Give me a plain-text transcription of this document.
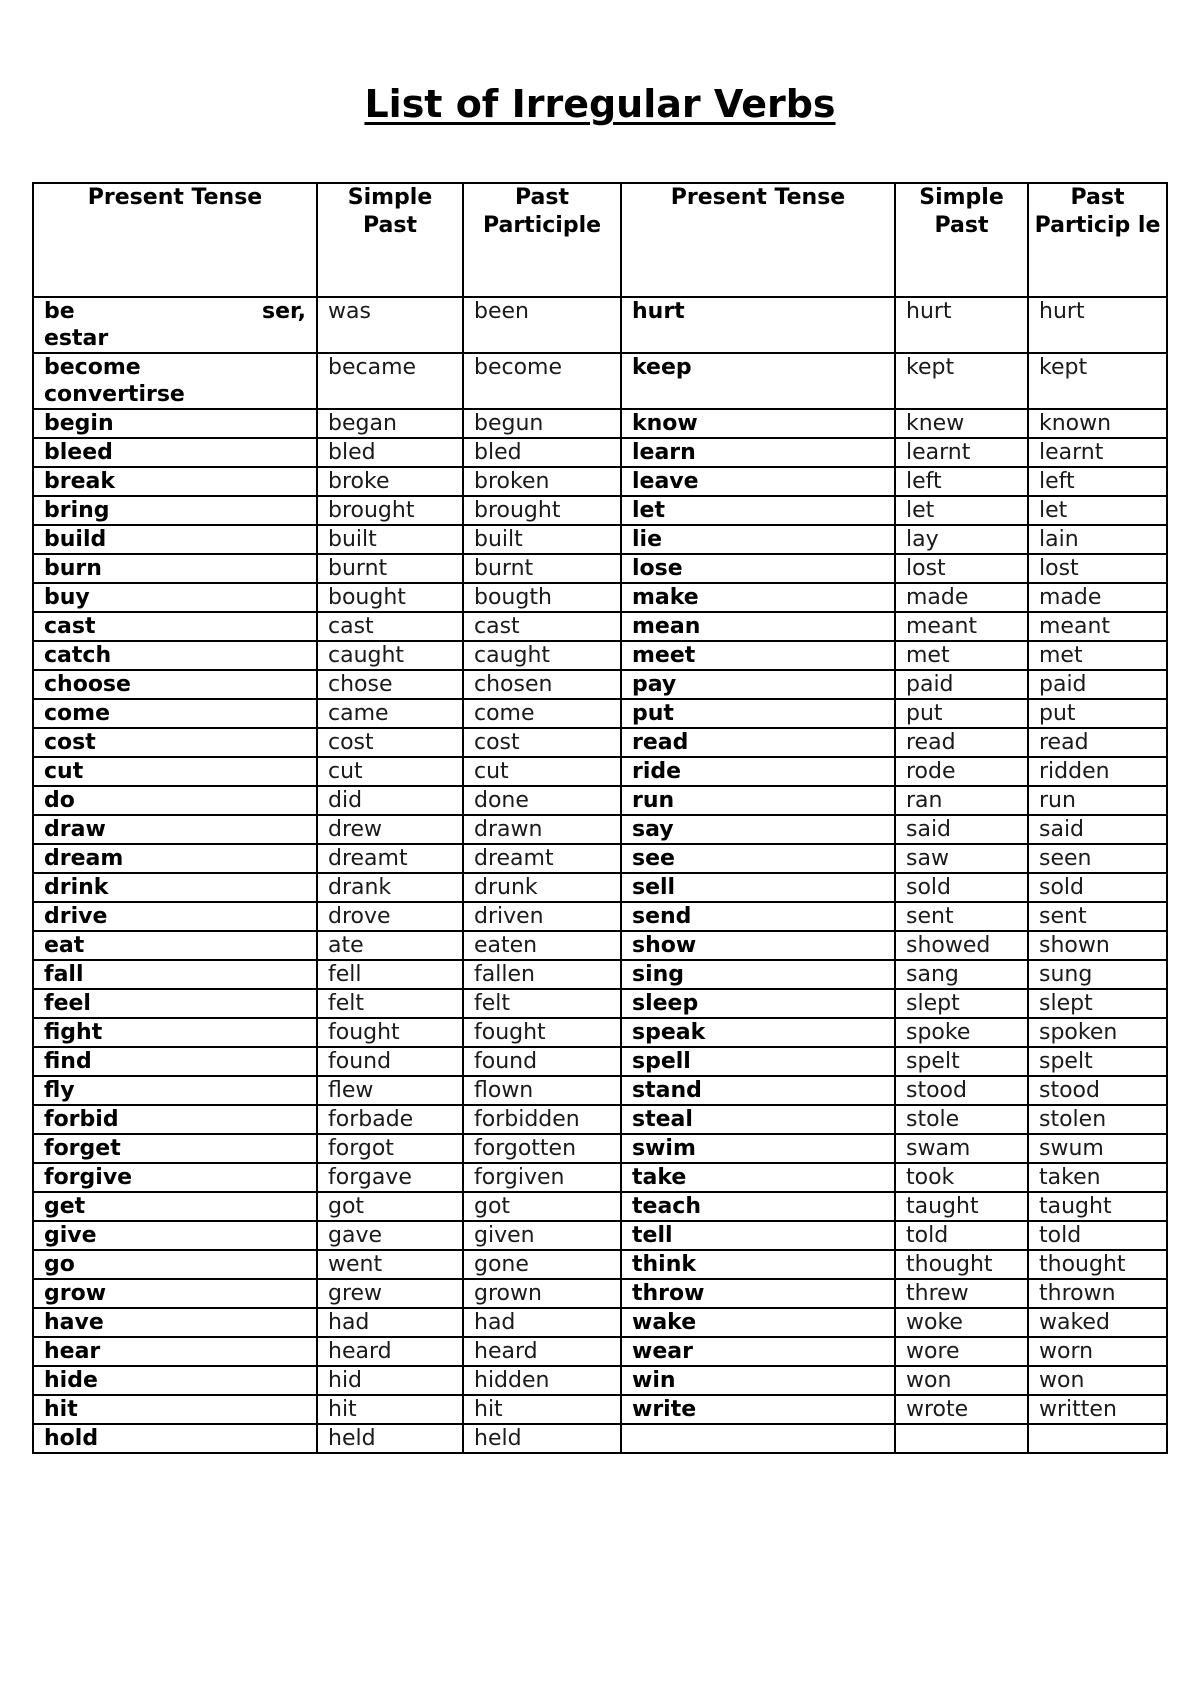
List of Irregular Verbs
Present Tense	Simple Past	Past Participle	Present Tense	Simple Past	Past Particip le

be ser,
estar	was	been	hurt	hurt	hurt

become
convertirse	became	become	keep	kept	kept
begin	began	begun	know	knew	known
bleed	bled	bled	learn	learnt	learnt
break	broke	broken	leave	left	left
bring	brought	brought	let	let	let
build	built	built	lie	lay	lain
burn	burnt	burnt	lose	lost	lost
buy	bought	bougth	make	made	made
cast	cast	cast	mean	meant	meant
catch	caught	caught	meet	met	met
choose	chose	chosen	pay	paid	paid
come	came	come	put	put	put
cost	cost	cost	read	read	read
cut	cut	cut	ride	rode	ridden
do	did	done	run	ran	run
draw	drew	drawn	say	said	said
dream	dreamt	dreamt	see	saw	seen
drink	drank	drunk	sell	sold	sold
drive	drove	driven	send	sent	sent
eat	ate	eaten	show	showed	shown
fall	fell	fallen	sing	sang	sung
feel	felt	felt	sleep	slept	slept
fight	fought	fought	speak	spoke	spoken
find	found	found	spell	spelt	spelt
fly	flew	flown	stand	stood	stood
forbid	forbade	forbidden	steal	stole	stolen
forget	forgot	forgotten	swim	swam	swum
forgive	forgave	forgiven	take	took	taken
get	got	got	teach	taught	taught
give	gave	given	tell	told	told
go	went	gone	think	thought	thought
grow	grew	grown	throw	threw	thrown
have	had	had	wake	woke	waked
hear	heard	heard	wear	wore	worn
hide	hid	hidden	win	won	won
hit	hit	hit	write	wrote	written
hold	held	held			
